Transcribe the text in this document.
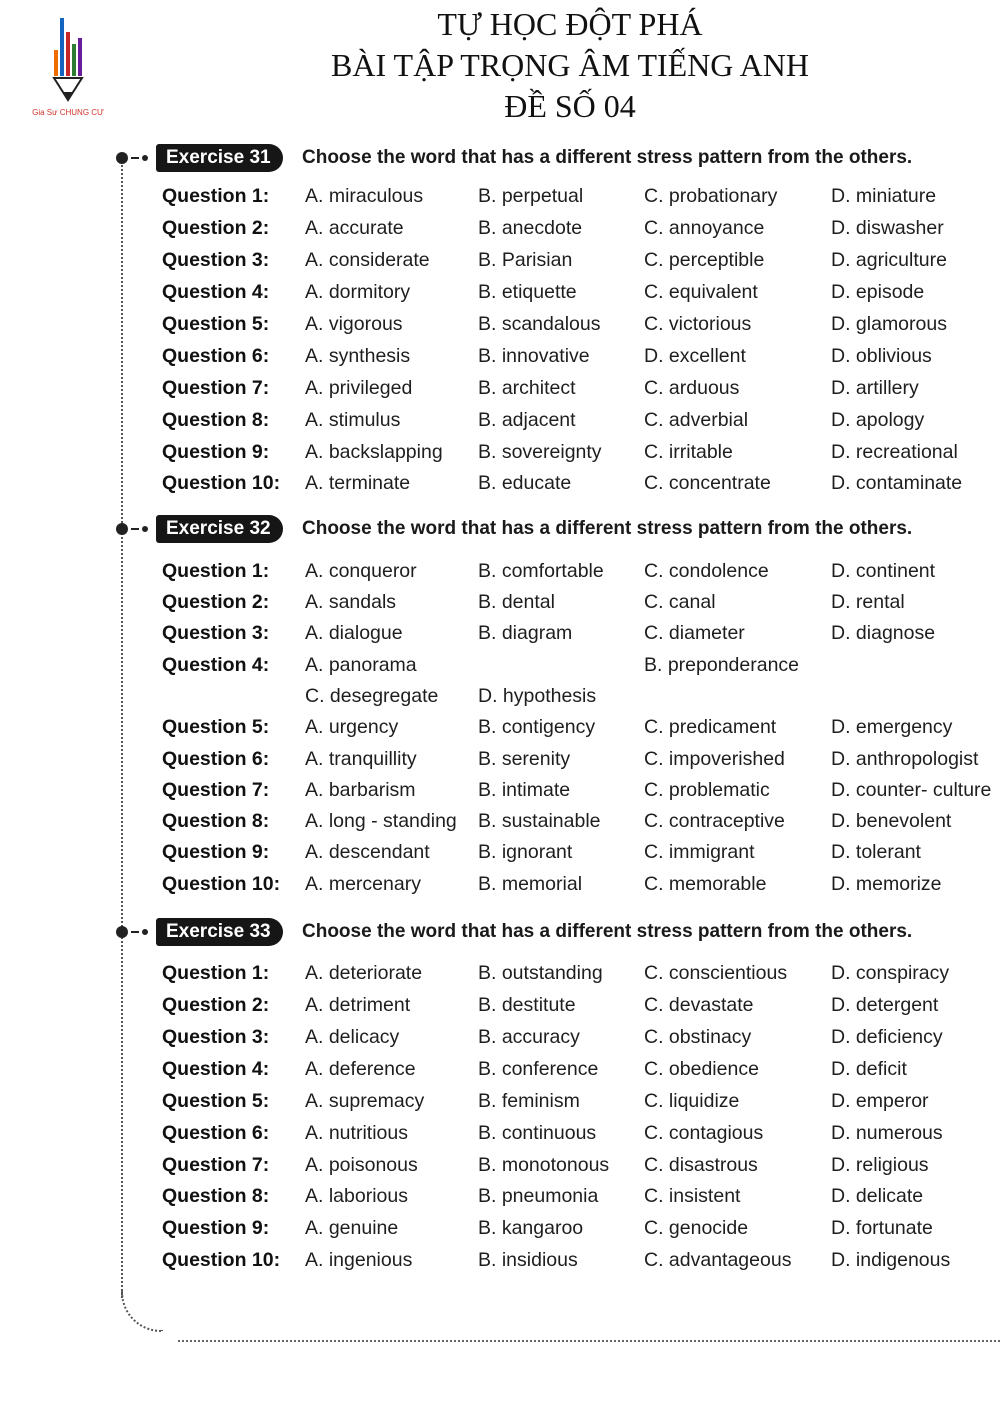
Gia Sư CHUNG CƯ
TỰ HỌC ĐỘT PHÁ
BÀI TẬP TRỌNG ÂM TIẾNG ANH
ĐỀ SỐ 04
Exercise 31	Choose the word that has a different stress pattern from the others.
Question 1: A. miraculous	B. perpetual	C. probationary	D. miniature
Question 2: A. accurate	B. anecdote	C. annoyance	D. diswasher
Question 3: A. considerate B. Parisian	C. perceptible	D. agriculture
Question 4: A. dormitory	B. etiquette	C. equivalent	D. episode
Question 5: A. vigorous	B. scandalous C. victorious	D. glamorous
Question 6: A. synthesis	B. innovative	D. excellent	D. oblivious
Question 7: A. privileged	B. architect	C. arduous	D. artillery
Question 8: A. stimulus	B. adjacent	C. adverbial	D. apology
Question 9: A. backslapping B. sovereignty C. irritable	D. recreational
Question 10: A. terminate	B. educate	C. concentrate	D. contaminate
Exercise 32	Choose the word that has a different stress pattern from the others.
Question 1: A. conqueror	B. comfortable C. condolence	D. continent
Question 2: A. sandals	B. dental	C. canal	D. rental
Question 3: A. dialogue	B. diagram	C. diameter	D. diagnose
Question 4: A. panorama	B. preponderance
C. desegregate D. hypothesis
Question 5: A. urgency	B. contigency	C. predicament	D. emergency
Question 6: A. tranquillity	B. serenity	C. impoverished D. anthropologist
Question 7: A. barbarism	B. intimate	C. problematic	D. counter- culture
Question 8: A. long - standing B. sustainable C. contraceptive D. benevolent
Question 9: A. descendant B. ignorant	C. immigrant	D. tolerant
Question 10: A. mercenary	B. memorial	C. memorable	D. memorize
Exercise 33	Choose the word that has a different stress pattern from the others.
Question 1: A. deteriorate	B. outstanding C. conscientious D. conspiracy
Question 2: A. detriment	B. destitute	C. devastate	D. detergent
Question 3: A. delicacy	B. accuracy	C. obstinacy	D. deficiency
Question 4: A. deference	B. conference C. obedience	D. deficit
Question 5: A. supremacy	B. feminism	C. liquidize	D. emperor
Question 6: A. nutritious	B. continuous C. contagious	D. numerous
Question 7: A. poisonous	B. monotonous C. disastrous	D. religious
Question 8: A. laborious	B. pneumonia C. insistent	D. delicate
Question 9: A. genuine	B. kangaroo	C. genocide	D. fortunate
Question 10: A. ingenious	B. insidious	C. advantageous D. indigenous
